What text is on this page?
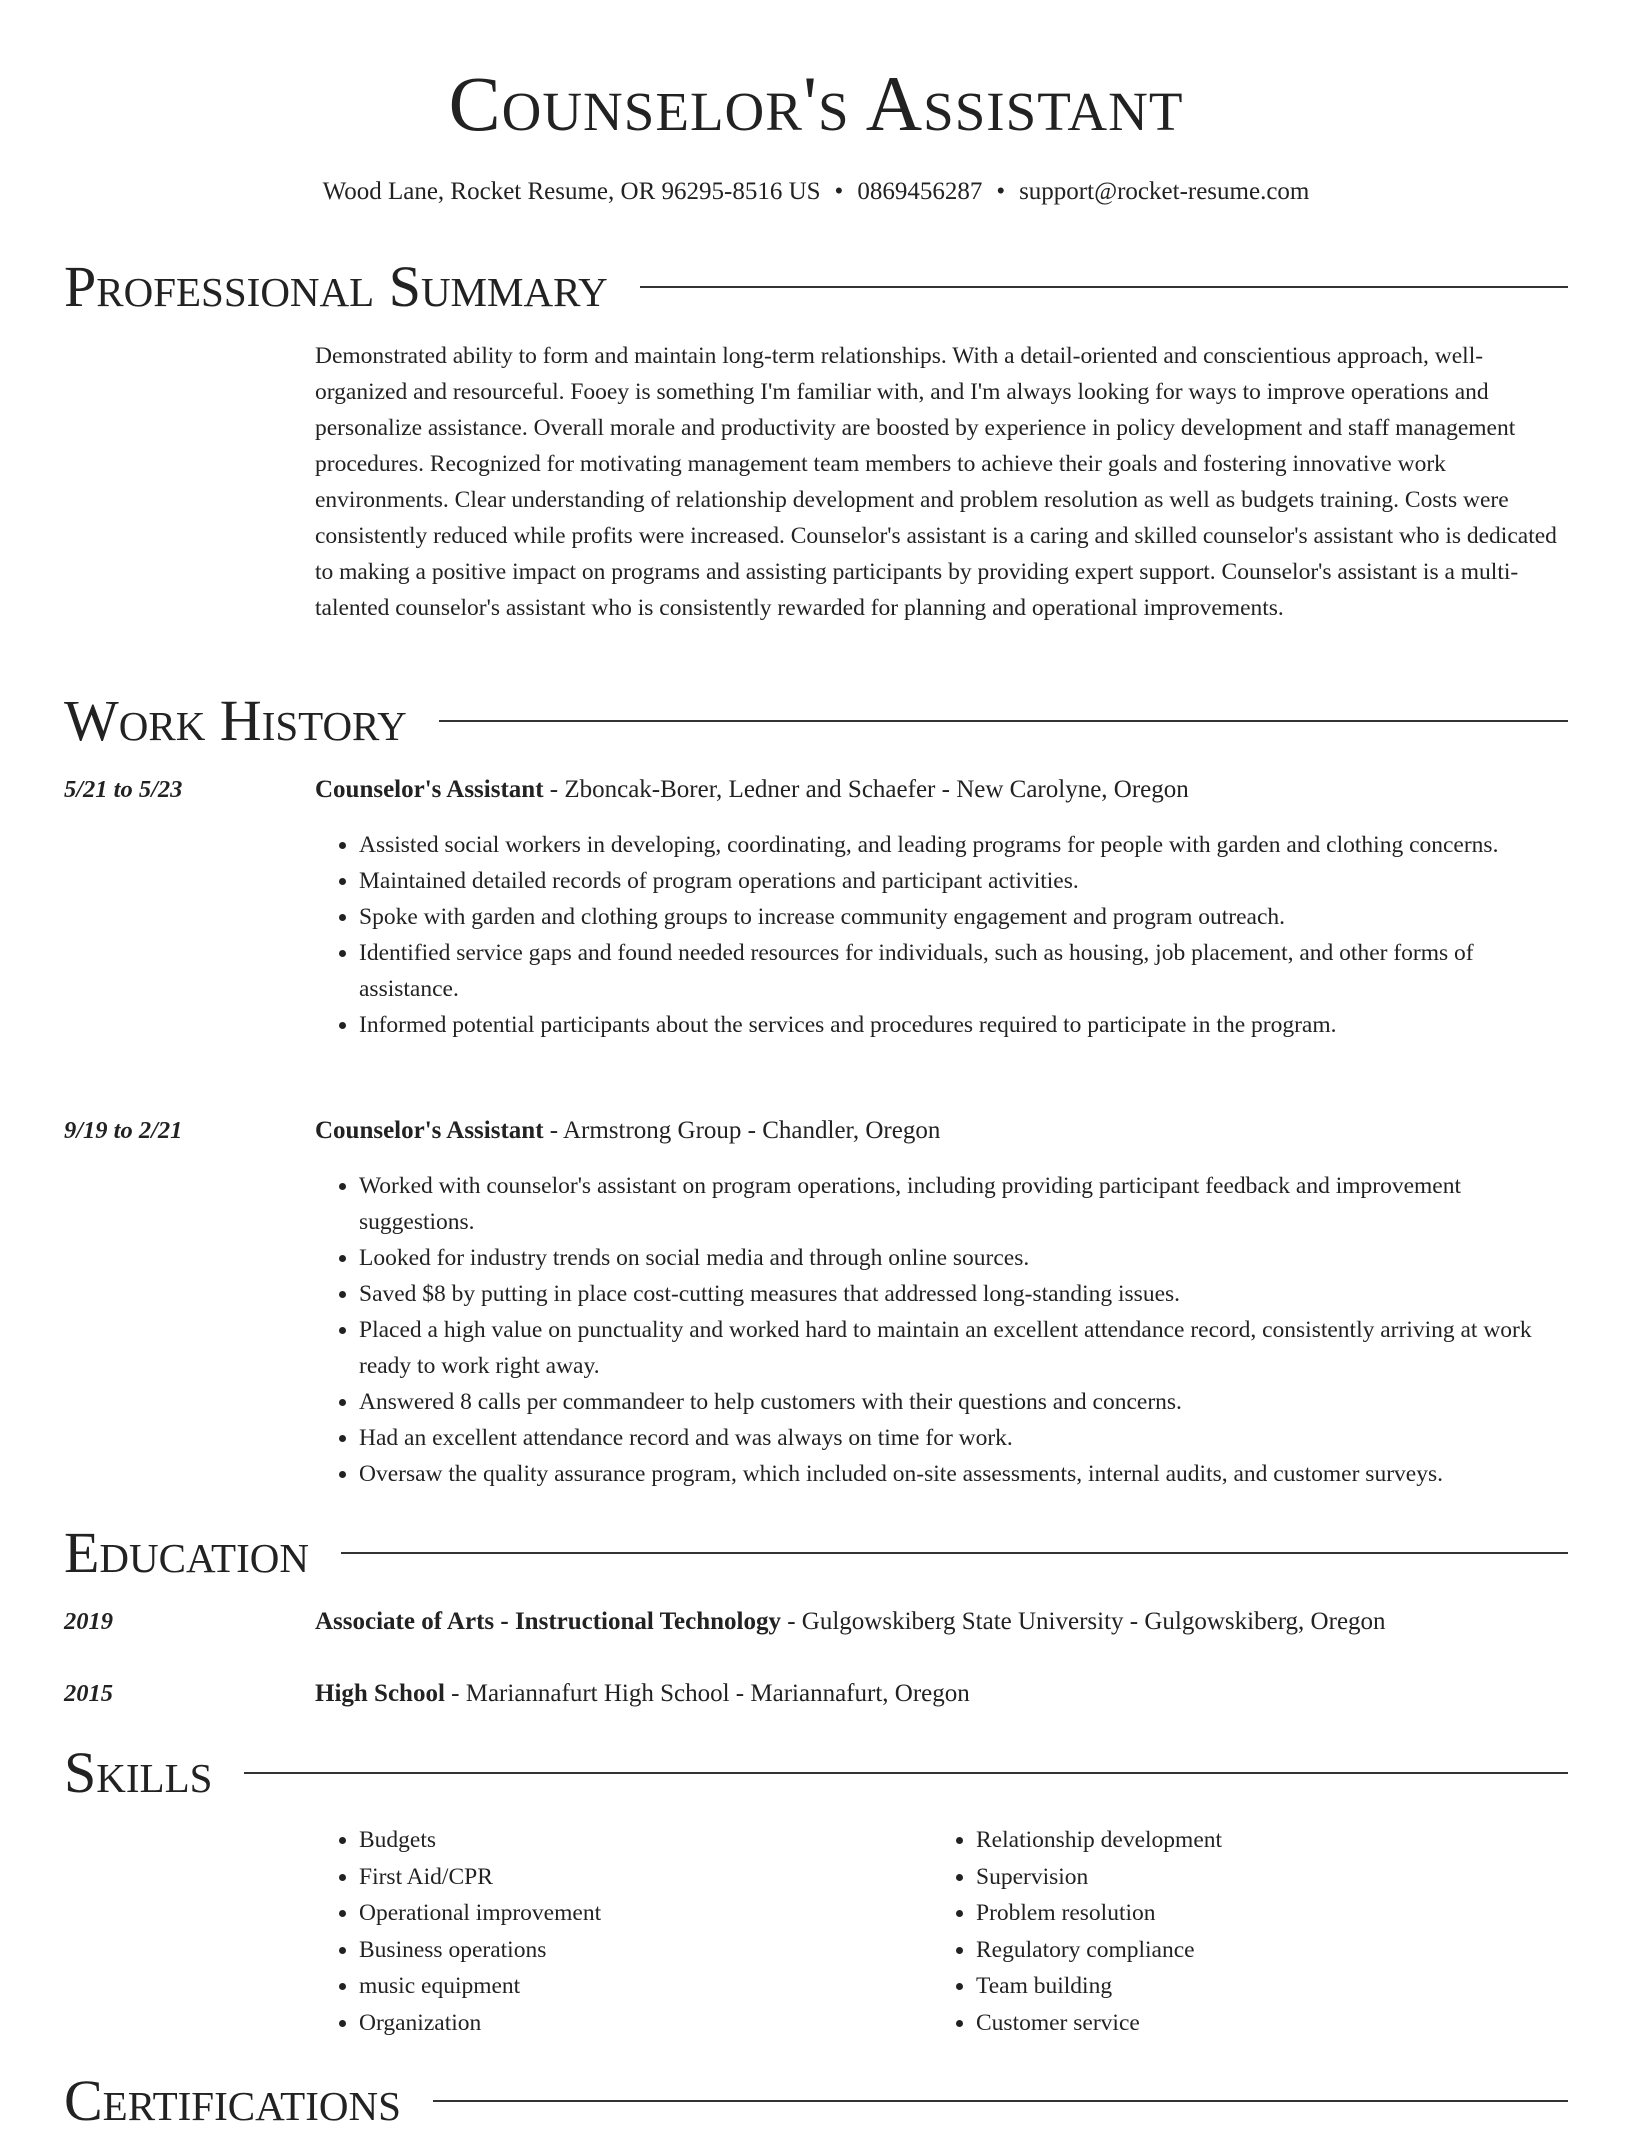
Counselor's Assistant
Wood Lane, Rocket Resume, OR 96295-8516 US • 0869456287 • support@rocket-resume.com
Professional Summary
Demonstrated ability to form and maintain long-term relationships. With a detail-oriented and conscientious approach, well-organized and resourceful. Fooey is something I'm familiar with, and I'm always looking for ways to improve operations and personalize assistance. Overall morale and productivity are boosted by experience in policy development and staff management procedures. Recognized for motivating management team members to achieve their goals and fostering innovative work environments. Clear understanding of relationship development and problem resolution as well as budgets training. Costs were consistently reduced while profits were increased. Counselor's assistant is a caring and skilled counselor's assistant who is dedicated to making a positive impact on programs and assisting participants by providing expert support. Counselor's assistant is a multi-talented counselor's assistant who is consistently rewarded for planning and operational improvements.
Work History
5/21 to 5/23	Counselor's Assistant - Zboncak-Borer, Ledner and Schaefer - New Carolyne, Oregon
• Assisted social workers in developing, coordinating, and leading programs for people with garden and clothing concerns.
• Maintained detailed records of program operations and participant activities.
• Spoke with garden and clothing groups to increase community engagement and program outreach.
• Identified service gaps and found needed resources for individuals, such as housing, job placement, and other forms of assistance.
• Informed potential participants about the services and procedures required to participate in the program.
9/19 to 2/21	Counselor's Assistant - Armstrong Group - Chandler, Oregon
• Worked with counselor's assistant on program operations, including providing participant feedback and improvement suggestions.
• Looked for industry trends on social media and through online sources.
• Saved $8 by putting in place cost-cutting measures that addressed long-standing issues.
• Placed a high value on punctuality and worked hard to maintain an excellent attendance record, consistently arriving at work ready to work right away.
• Answered 8 calls per commandeer to help customers with their questions and concerns.
• Had an excellent attendance record and was always on time for work.
• Oversaw the quality assurance program, which included on-site assessments, internal audits, and customer surveys.
Education
2019	Associate of Arts - Instructional Technology - Gulgowskiberg State University - Gulgowskiberg, Oregon
2015	High School - Mariannafurt High School - Mariannafurt, Oregon
Skills
• Budgets
• First Aid/CPR
• Operational improvement
• Business operations
• music equipment
• Organization
• Relationship development
• Supervision
• Problem resolution
• Regulatory compliance
• Team building
• Customer service
Certifications
